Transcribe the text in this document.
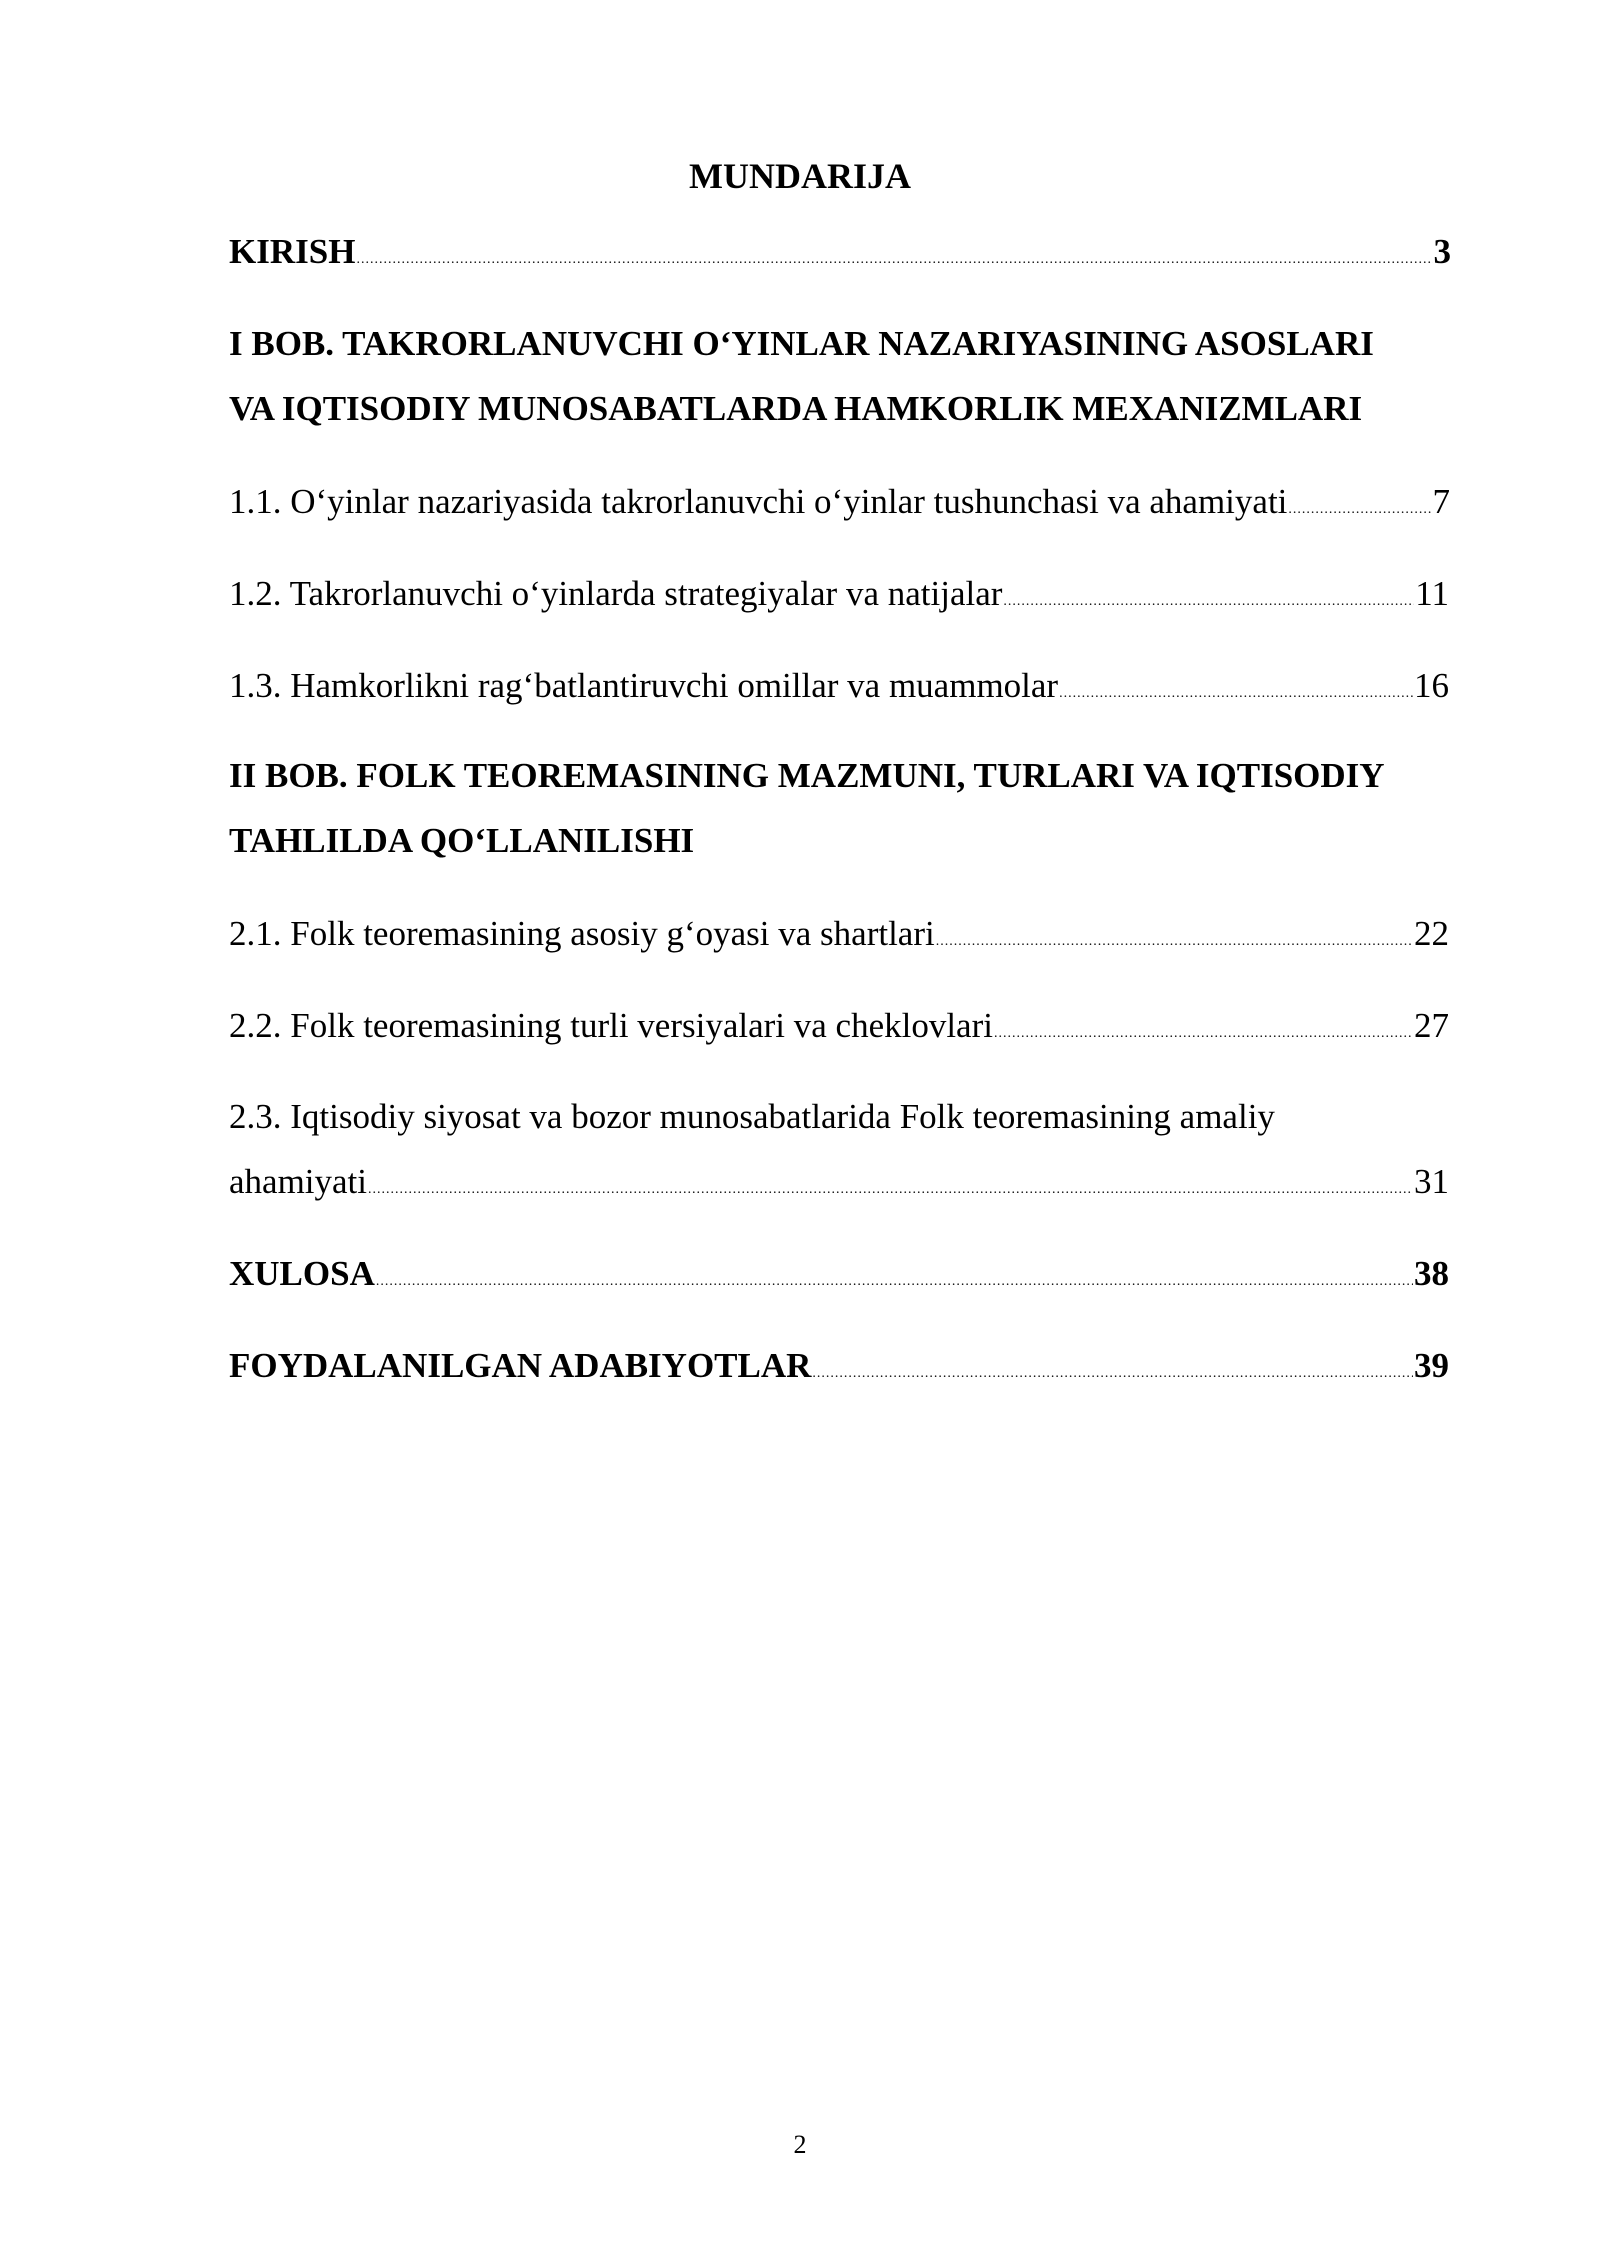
MUNDARIJA
KIRISH .....	3
I BOB. TAKRORLANUVCHI O‘YINLAR NAZARIYASINING ASOSLARI
VA IQTISODIY MUNOSABATLARDA HAMKORLIK MEXANIZMLARI
1.1. O‘yinlar nazariyasida takrorlanuvchi o‘yinlar tushunchasi va ahamiyati .....	7
1.2. Takrorlanuvchi o‘yinlarda strategiyalar va natijalar .....	11
1.3. Hamkorlikni rag‘batlantiruvchi omillar va muammolar .....	16
II BOB. FOLK TEOREMASINING MAZMUNI, TURLARI VA IQTISODIY
TAHLILDA QO‘LLANILISHI
2.1. Folk teoremasining asosiy g‘oyasi va shartlari .....	22
2.2. Folk teoremasining turli versiyalari va cheklovlari .....	27
2.3. Iqtisodiy siyosat va bozor munosabatlarida Folk teoremasining amaliy
ahamiyati .....	31
XULOSA .....	38
FOYDALANILGAN ADABIYOTLAR .....	39
2
